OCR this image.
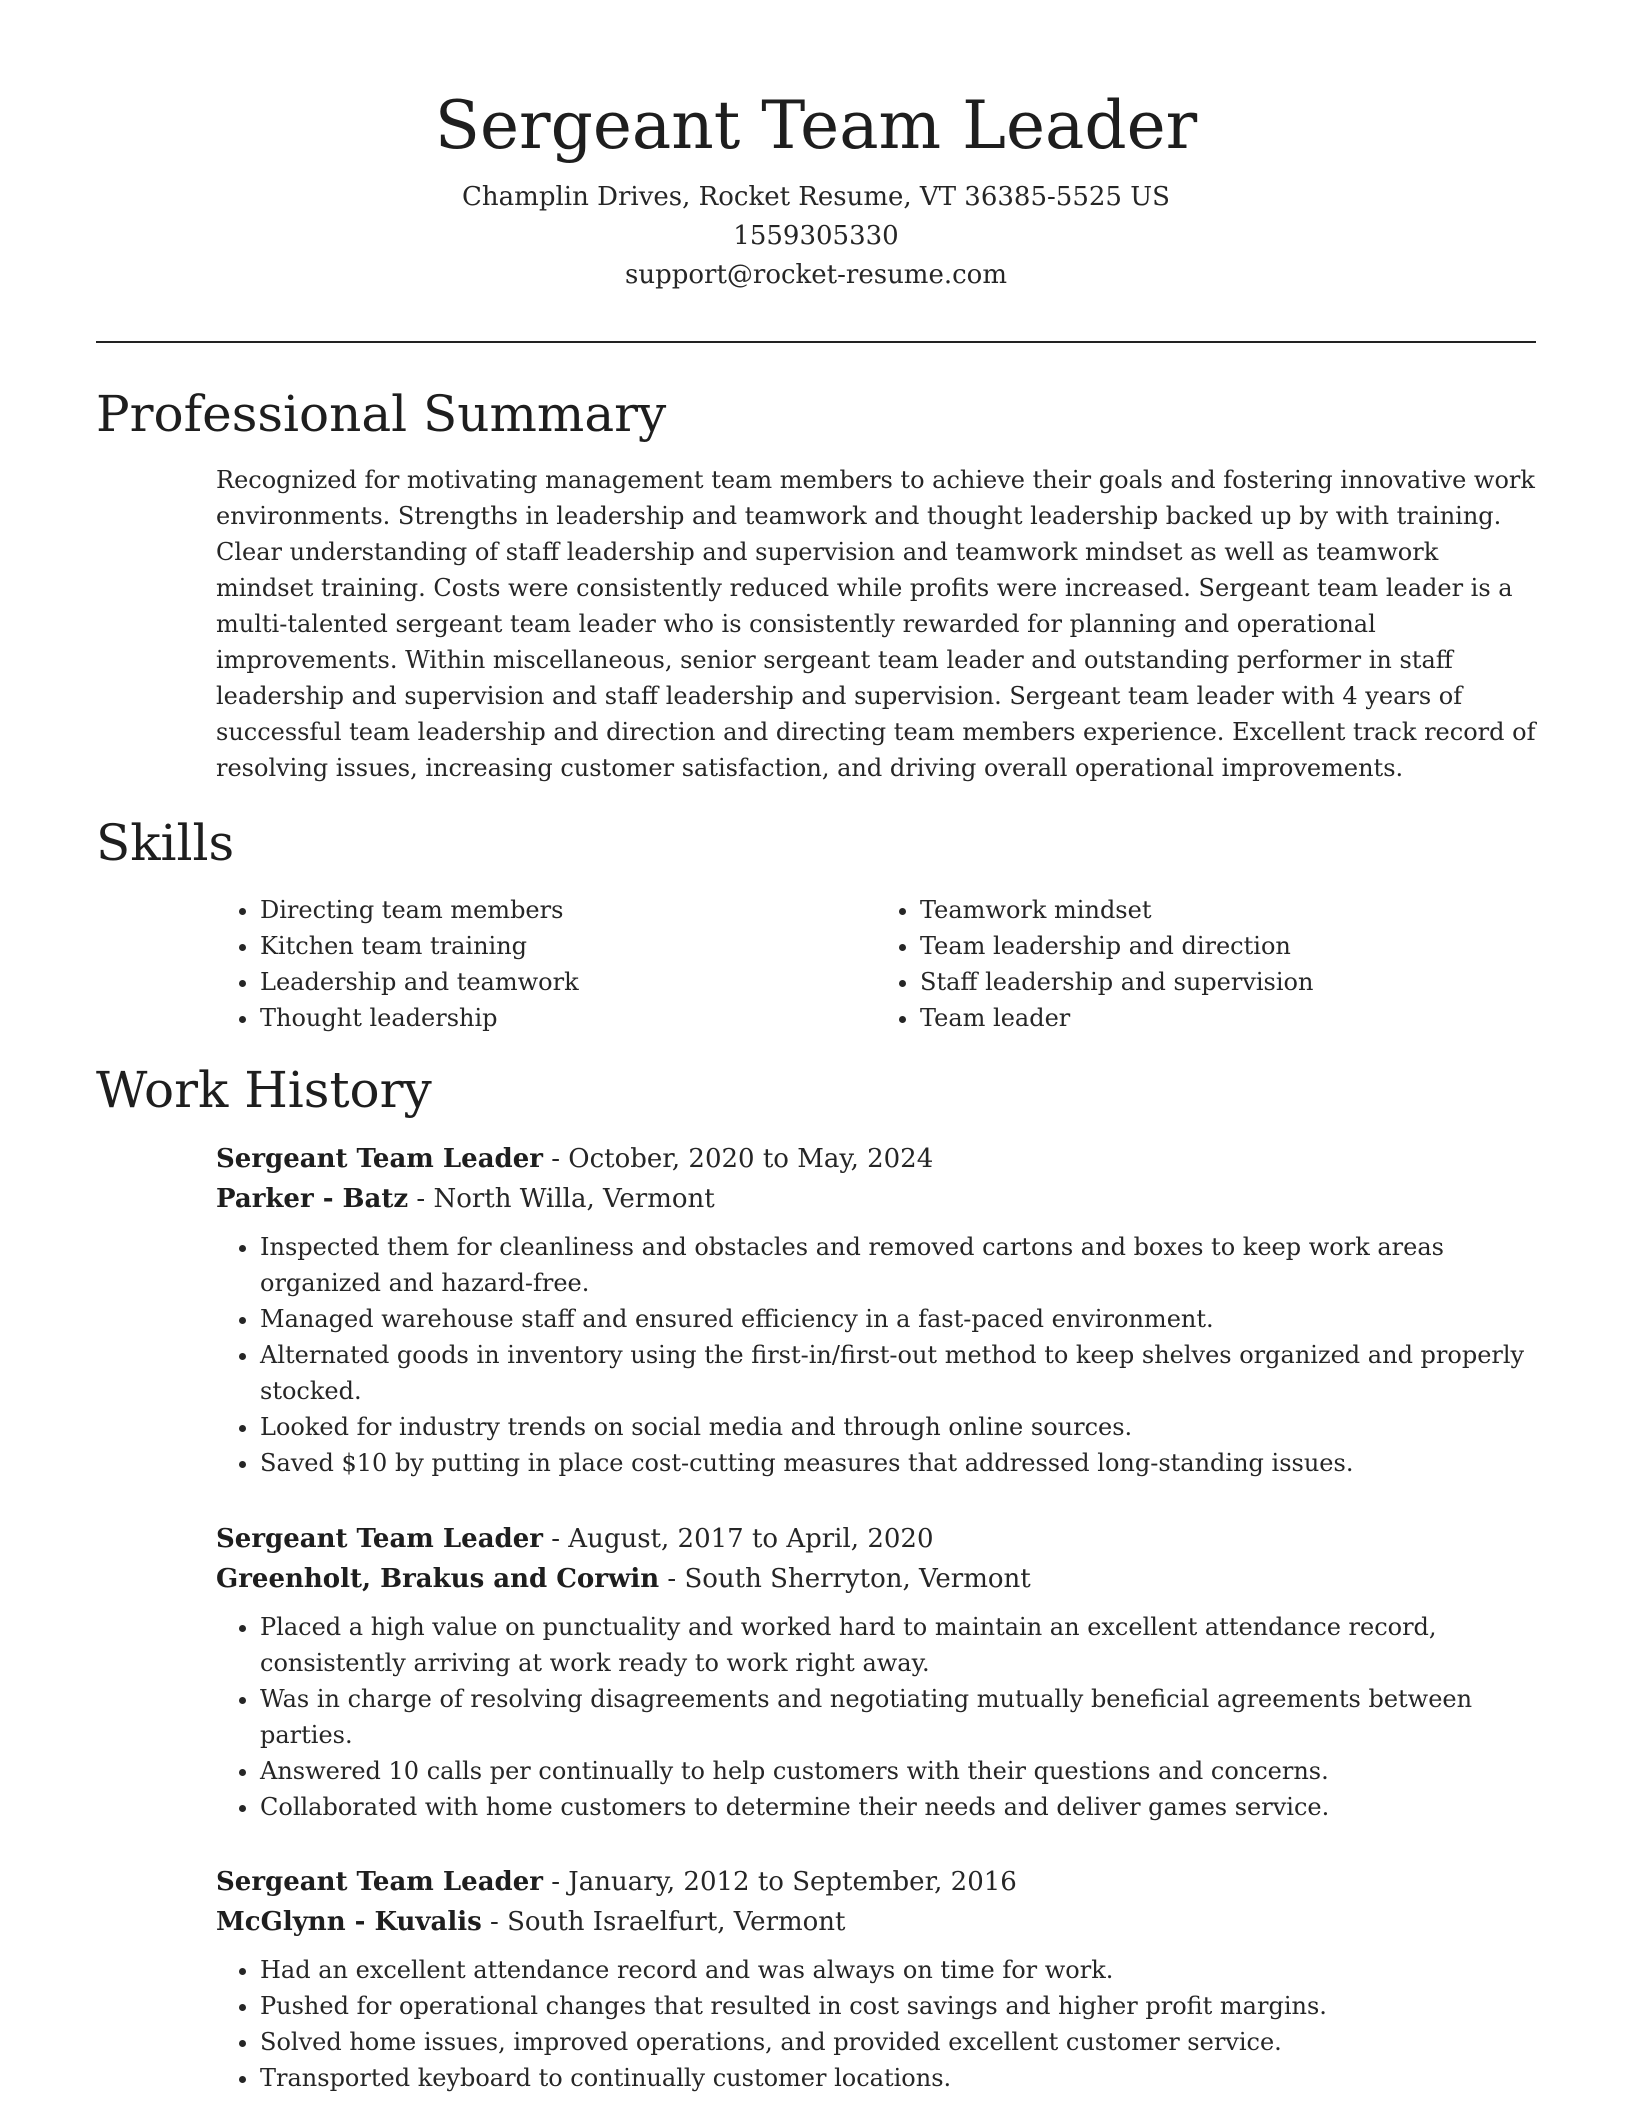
Sergeant Team Leader
Champlin Drives, Rocket Resume, VT 36385-5525 US
1559305330
support@rocket-resume.com
Professional Summary

Recognized for motivating management team members to achieve their goals and fostering innovative work environments. Strengths in leadership and teamwork and thought leadership backed up by with training. Clear understanding of staff leadership and supervision and teamwork mindset as well as teamwork mindset training. Costs were consistently reduced while profits were increased. Sergeant team leader is a multi-talented sergeant team leader who is consistently rewarded for planning and operational improvements. Within miscellaneous, senior sergeant team leader and outstanding performer in staff leadership and supervision and staff leadership and supervision. Sergeant team leader with 4 years of successful team leadership and direction and directing team members experience. Excellent track record of resolving issues, increasing customer satisfaction, and driving overall operational improvements.

Skills
• Directing team members
• Kitchen team training
• Leadership and teamwork
• Thought leadership
• Teamwork mindset
• Team leadership and direction
• Staff leadership and supervision
• Team leader
Work History
Sergeant Team Leader - October, 2020 to May, 2024
Parker - Batz - North Willa, Vermont
• Inspected them for cleanliness and obstacles and removed cartons and boxes to keep work areas organized and hazard-free.
• Managed warehouse staff and ensured efficiency in a fast-paced environment.
• Alternated goods in inventory using the first-in/first-out method to keep shelves organized and properly stocked.
• Looked for industry trends on social media and through online sources.
• Saved $10 by putting in place cost-cutting measures that addressed long-standing issues.
Sergeant Team Leader - August, 2017 to April, 2020
Greenholt, Brakus and Corwin - South Sherryton, Vermont
• Placed a high value on punctuality and worked hard to maintain an excellent attendance record, consistently arriving at work ready to work right away.
• Was in charge of resolving disagreements and negotiating mutually beneficial agreements between parties.
• Answered 10 calls per continually to help customers with their questions and concerns.
• Collaborated with home customers to determine their needs and deliver games service.
Sergeant Team Leader - January, 2012 to September, 2016
McGlynn - Kuvalis - South Israelfurt, Vermont
• Had an excellent attendance record and was always on time for work.
• Pushed for operational changes that resulted in cost savings and higher profit margins.
• Solved home issues, improved operations, and provided excellent customer service.
• Transported keyboard to continually customer locations.
